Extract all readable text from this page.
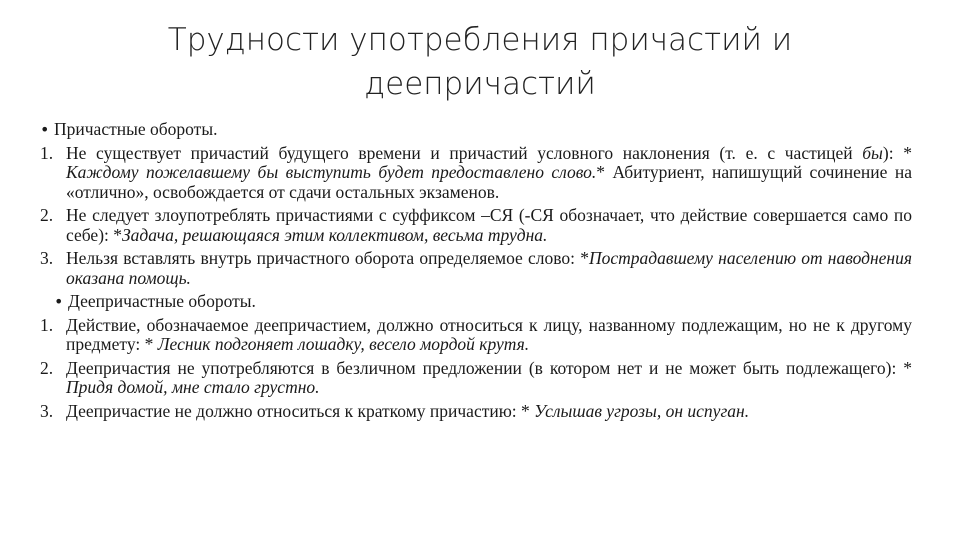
Трудности употребления причастий и
деепричастий
• Причастные обороты.
1. Не существует причастий будущего времени и причастий условного наклонения (т. е. с частицей бы): * Каждому пожелавшему бы выступить будет предоставлено слово.* Абитуриент, напишущий сочинение на «отлично», освобождается от сдачи остальных экзаменов.
2. Не следует злоупотреблять причастиями с суффиксом –СЯ (-СЯ обозначает, что действие совершается само по себе): *Задача, решающаяся этим коллективом, весьма трудна.
3. Нельзя вставлять внутрь причастного оборота определяемое слово: *Пострадавшему населению от наводнения оказана помощь.
• Деепричастные обороты.
1. Действие, обозначаемое деепричастием, должно относиться к лицу, названному подлежащим, но не к другому предмету: * Лесник подгоняет лошадку, весело мордой крутя.
2. Деепричастия не употребляются в безличном предложении (в котором нет и не может быть подлежащего): * Придя домой, мне стало грустно.
3. Деепричастие не должно относиться к краткому причастию: * Услышав угрозы, он испуган.
